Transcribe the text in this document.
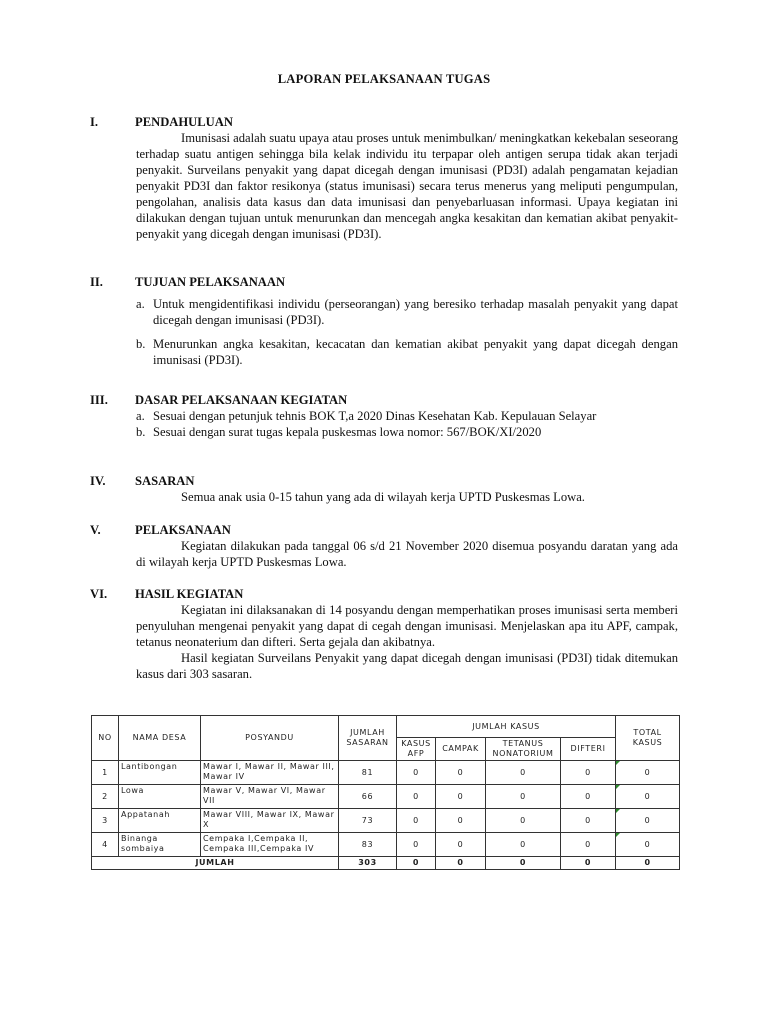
LAPORAN PELAKSANAAN TUGAS
I.	PENDAHULUAN
Imunisasi adalah suatu upaya atau proses untuk menimbulkan/ meningkatkan kekebalan seseorang terhadap suatu antigen sehingga bila kelak individu itu terpapar oleh antigen serupa tidak akan terjadi penyakit. Surveilans penyakit yang dapat dicegah dengan imunisasi (PD3I) adalah pengamatan kejadian penyakit PD3I dan faktor resikonya (status imunisasi) secara terus menerus yang meliputi pengumpulan, pengolahan, analisis data kasus dan data imunisasi dan penyebarluasan informasi. Upaya kegiatan ini dilakukan dengan tujuan untuk menurunkan dan mencegah angka kesakitan dan kematian akibat penyakit-penyakit yang dicegah dengan imunisasi (PD3I).
II.	TUJUAN PELAKSANAAN
a. Untuk mengidentifikasi individu (perseorangan) yang beresiko terhadap masalah penyakit yang dapat dicegah dengan imunisasi (PD3I).
b. Menurunkan angka kesakitan, kecacatan dan kematian akibat penyakit yang dapat dicegah dengan imunisasi (PD3I).
III.	DASAR PELAKSANAAN KEGIATAN
a. Sesuai dengan petunjuk tehnis BOK T,a 2020 Dinas Kesehatan Kab. Kepulauan Selayar
b. Sesuai dengan surat tugas kepala puskesmas lowa nomor: 567/BOK/XI/2020
IV.	SASARAN
Semua anak usia 0-15 tahun yang ada di wilayah kerja UPTD Puskesmas Lowa.
V.	PELAKSANAAN
Kegiatan dilakukan pada tanggal 06 s/d 21 November 2020 disemua posyandu daratan yang ada di wilayah kerja UPTD Puskesmas Lowa.
VI.	HASIL KEGIATAN
Kegiatan ini dilaksanakan di 14 posyandu dengan memperhatikan proses imunisasi serta memberi penyuluhan mengenai penyakit yang dapat di cegah dengan imunisasi. Menjelaskan apa itu APF, campak, tetanus neonaterium dan difteri. Serta gejala dan akibatnya.
Hasil kegiatan Surveilans Penyakit yang dapat dicegah dengan imunisasi (PD3I) tidak ditemukan kasus dari 303 sasaran.
NO	NAMA DESA	POSYANDU	JUMLAH SASARAN	JUMLAH KASUS				TOTAL KASUS
				KASUS AFP	CAMPAK	TETANUS NONATORIUM	DIFTERI	
1	Lantibongan	Mawar I, Mawar II, Mawar III, Mawar IV	81	0	0	0	0	0
2	Lowa	Mawar V, Mawar VI, Mawar VII	66	0	0	0	0	0
3	Appatanah	Mawar VIII, Mawar IX, Mawar X	73	0	0	0	0	0
4	Binanga sombaiya	Cempaka I,Cempaka II, Cempaka III,Cempaka IV	83	0	0	0	0	0
JUMLAH			303	0	0	0	0	0
